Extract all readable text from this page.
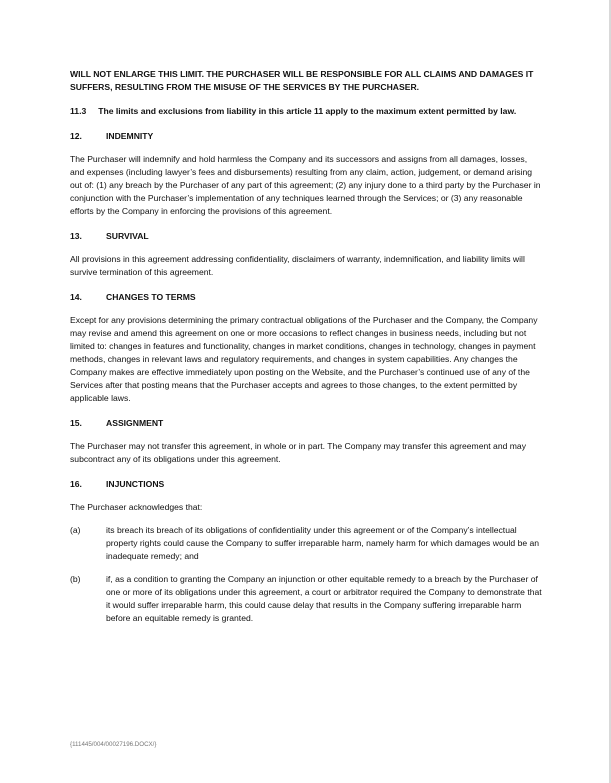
WILL NOT ENLARGE THIS LIMIT. THE PURCHASER WILL BE RESPONSIBLE FOR ALL CLAIMS AND DAMAGES IT SUFFERS, RESULTING FROM THE MISUSE OF THE SERVICES BY THE PURCHASER.

11.3     The limits and exclusions from liability in this article 11 apply to the maximum extent permitted by law.

12.	INDEMNITY

The Purchaser will indemnify and hold harmless the Company and its successors and assigns from all damages, losses, and expenses (including lawyer’s fees and disbursements) resulting from any claim, action, judgement, or demand arising out of: (1) any breach by the Purchaser of any part of this agreement; (2) any injury done to a third party by the Purchaser in conjunction with the Purchaser’s implementation of any techniques learned through the Services; or (3) any reasonable efforts by the Company in enforcing the provisions of this agreement.

13.	SURVIVAL

All provisions in this agreement addressing confidentiality, disclaimers of warranty, indemnification, and liability limits will survive termination of this agreement.

14.	CHANGES TO TERMS

Except for any provisions determining the primary contractual obligations of the Purchaser and the Company, the Company may revise and amend this agreement on one or more occasions to reflect changes in business needs, including but not limited to: changes in features and functionality, changes in market conditions, changes in technology, changes in payment methods, changes in relevant laws and regulatory requirements, and changes in system capabilities. Any changes the Company makes are effective immediately upon posting on the Website, and the Purchaser’s continued use of any of the Services after that posting means that the Purchaser accepts and agrees to those changes, to the extent permitted by applicable laws.

15.	ASSIGNMENT

The Purchaser may not transfer this agreement, in whole or in part. The Company may transfer this agreement and may subcontract any of its obligations under this agreement.

16.	INJUNCTIONS

The Purchaser acknowledges that:

(a)	its breach its breach of its obligations of confidentiality under this agreement or of the Company’s intellectual property rights could cause the Company to suffer irreparable harm, namely harm for which damages would be an inadequate remedy; and
(b)	if, as a condition to granting the Company an injunction or other equitable remedy to a breach by the Purchaser of one or more of its obligations under this agreement, a court or arbitrator required the Company to demonstrate that it would suffer irreparable harm, this could cause delay that results in the Company suffering irreparable harm before an equitable remedy is granted.
{111445/004/00027196.DOCX/}
